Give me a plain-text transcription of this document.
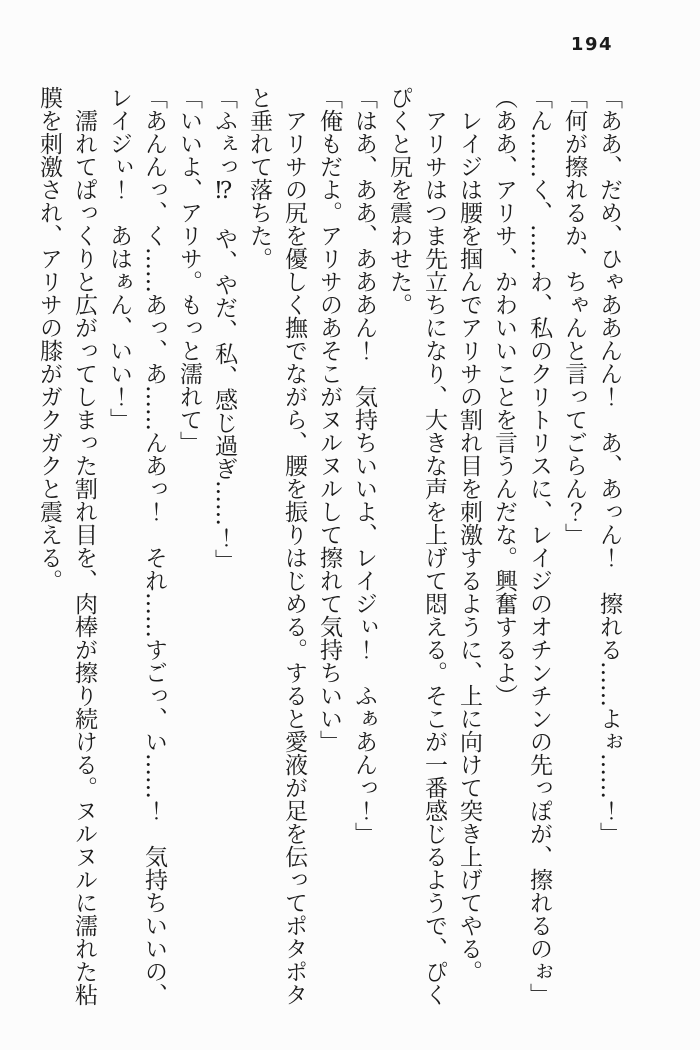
194

「ああ、だめ、ひゃああんん！　あ、あっん！　擦れる……よぉ……！」

「何が擦れるか、ちゃんと言ってごらん？」

「ん……く、……わ、私のクリトリスに、レイジのオチンチンの先っぽが、擦れるのぉ」

（ああ、アリサ、かわいいことを言うんだな。興奮するよ）

　レイジは腰を掴んでアリサの割れ目を刺激するように、上に向けて突き上げてやる。

　アリサはつま先立ちになり、大きな声を上げて悶える。そこが一番感じるようで、ぴく

ぴくと尻を震わせた。

「はあ、ああ、あああん！　気持ちいいよ、レイジぃ！　ふぁあんっ！」

「俺もだよ。アリサのあそこがヌルヌルして擦れて気持ちいい」

　アリサの尻を優しく撫でながら、腰を振りはじめる。すると愛液が足を伝ってポタポタ

と垂れて落ちた。

「ふぇっ⁉　や、やだ、私、感じ過ぎ……！」

「いいよ、アリサ。もっと濡れて」

「あんんっ、く……あっ、あ……んあっ！　それ……すごっ、い……！　気持ちいいの、

レイジぃ！　あはぁん、いい！」

　濡れてぱっくりと広がってしまった割れ目を、肉棒が擦り続ける。ヌルヌルに濡れた粘

膜を刺激され、アリサの膝がガクガクと震える。
